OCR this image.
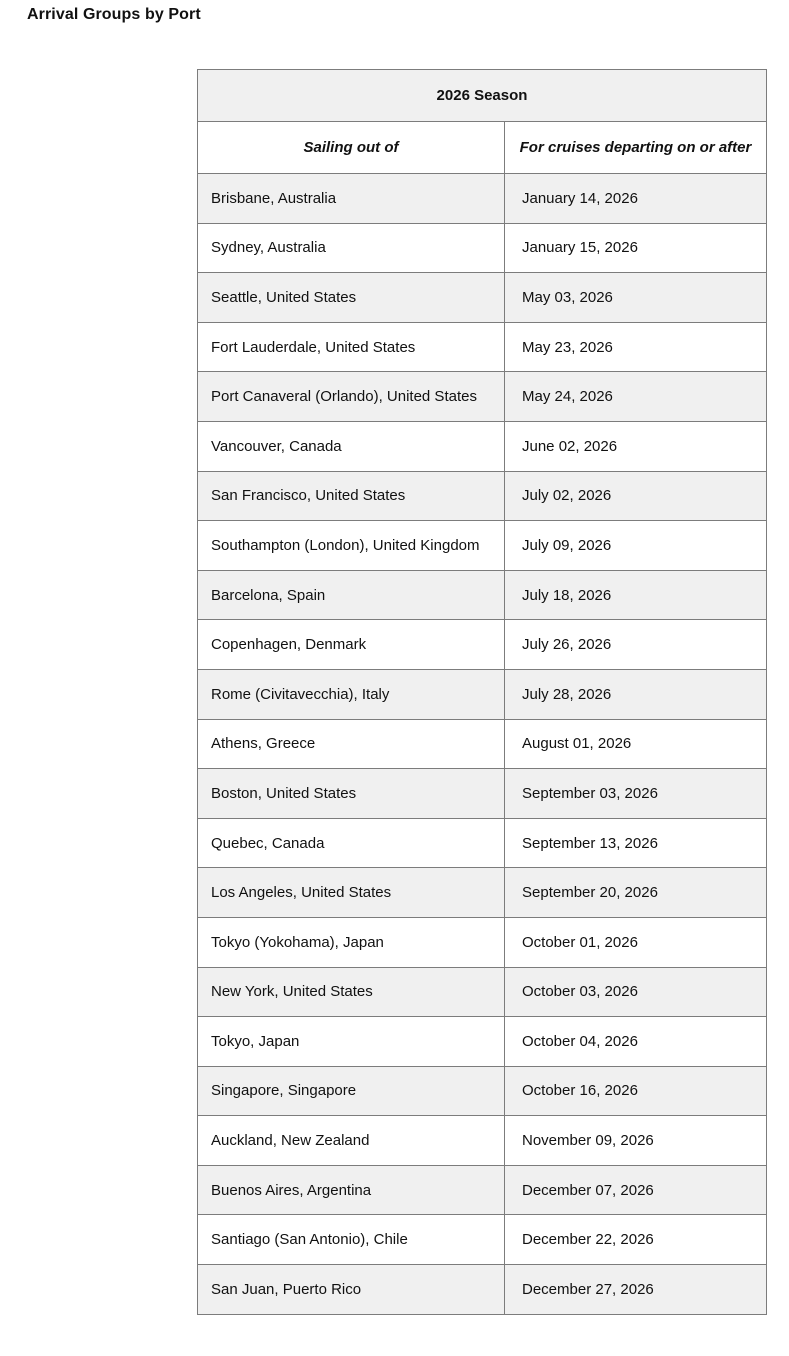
Arrival Groups by Port
2026 Season	
Sailing out of	For cruises departing on or after
Brisbane, Australia	January 14, 2026
Sydney, Australia	January 15, 2026
Seattle, United States	May 03, 2026
Fort Lauderdale, United States	May 23, 2026
Port Canaveral (Orlando), United States	May 24, 2026
Vancouver, Canada	June 02, 2026
San Francisco, United States	July 02, 2026
Southampton (London), United Kingdom	July 09, 2026
Barcelona, Spain	July 18, 2026
Copenhagen, Denmark	July 26, 2026
Rome (Civitavecchia), Italy	July 28, 2026
Athens, Greece	August 01, 2026
Boston, United States	September 03, 2026
Quebec, Canada	September 13, 2026
Los Angeles, United States	September 20, 2026
Tokyo (Yokohama), Japan	October 01, 2026
New York, United States	October 03, 2026
Tokyo, Japan	October 04, 2026
Singapore, Singapore	October 16, 2026
Auckland, New Zealand	November 09, 2026
Buenos Aires, Argentina	December 07, 2026
Santiago (San Antonio), Chile	December 22, 2026
San Juan, Puerto Rico	December 27, 2026
